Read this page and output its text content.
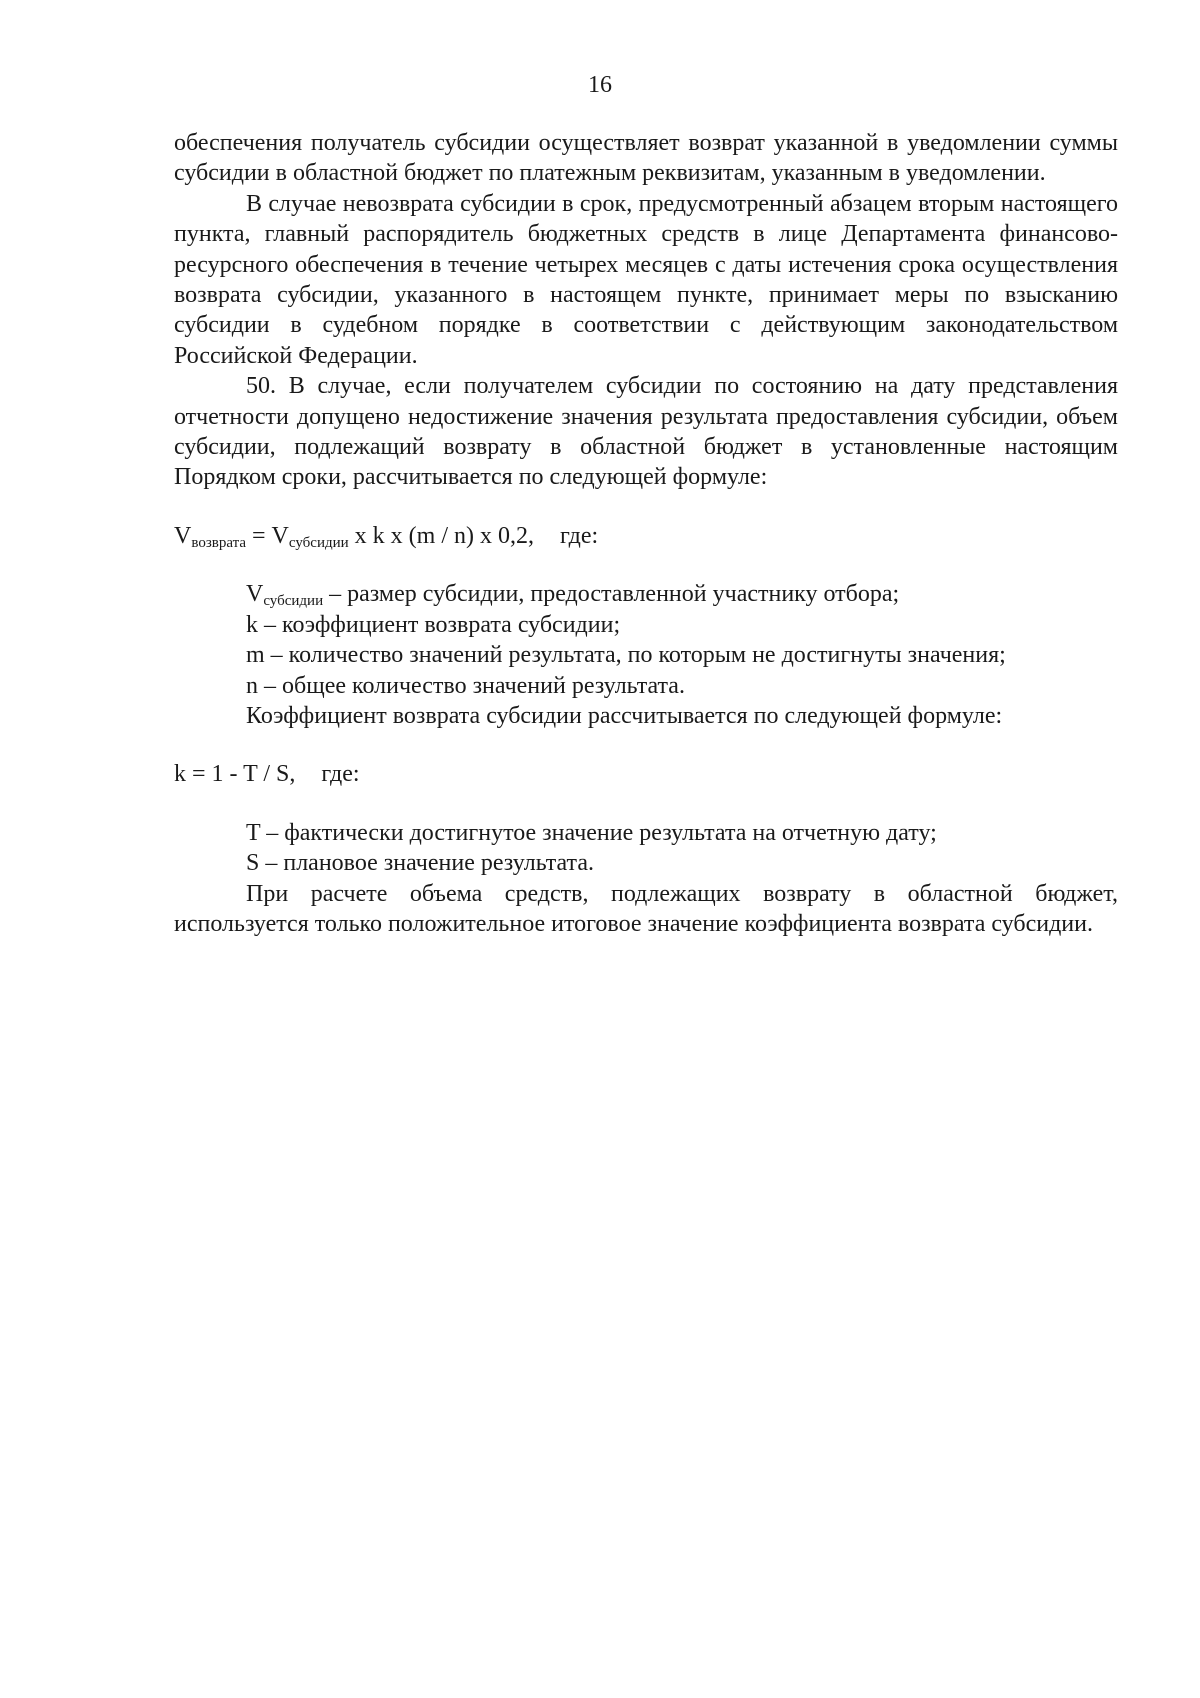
16

обеспечения получатель субсидии осуществляет возврат указанной в уведомлении суммы субсидии в областной бюджет по платежным реквизитам, указанным в уведомлении.

В случае невозврата субсидии в срок, предусмотренный абзацем вторым настоящего пункта, главный распорядитель бюджетных средств в лице Департамента финансово-ресурсного обеспечения в течение четырех месяцев с даты истечения срока осуществления возврата субсидии, указанного в настоящем пункте, принимает меры по взысканию субсидии в судебном порядке в соответствии с действующим законодательством Российской Федерации.

50. В случае, если получателем субсидии по состоянию на дату представления отчетности допущено недостижение значения результата предоставления субсидии, объем субсидии, подлежащий возврату в областной бюджет в установленные настоящим Порядком сроки, рассчитывается по следующей формуле:

$V_{возврата} = V_{субсидии}$ x k x (m / n) x 0,2, где:

$V_{субсидии}$ – размер субсидии, предоставленной участнику отбора;

k – коэффициент возврата субсидии;

m – количество значений результата, по которым не достигнуты значения;

n – общее количество значений результата.

Коэффициент возврата субсидии рассчитывается по следующей формуле:

k = 1 - T / S, где:

T – фактически достигнутое значение результата на отчетную дату;

S – плановое значение результата.

При расчете объема средств, подлежащих возврату в областной бюджет, используется только положительное итоговое значение коэффициента возврата субсидии.
